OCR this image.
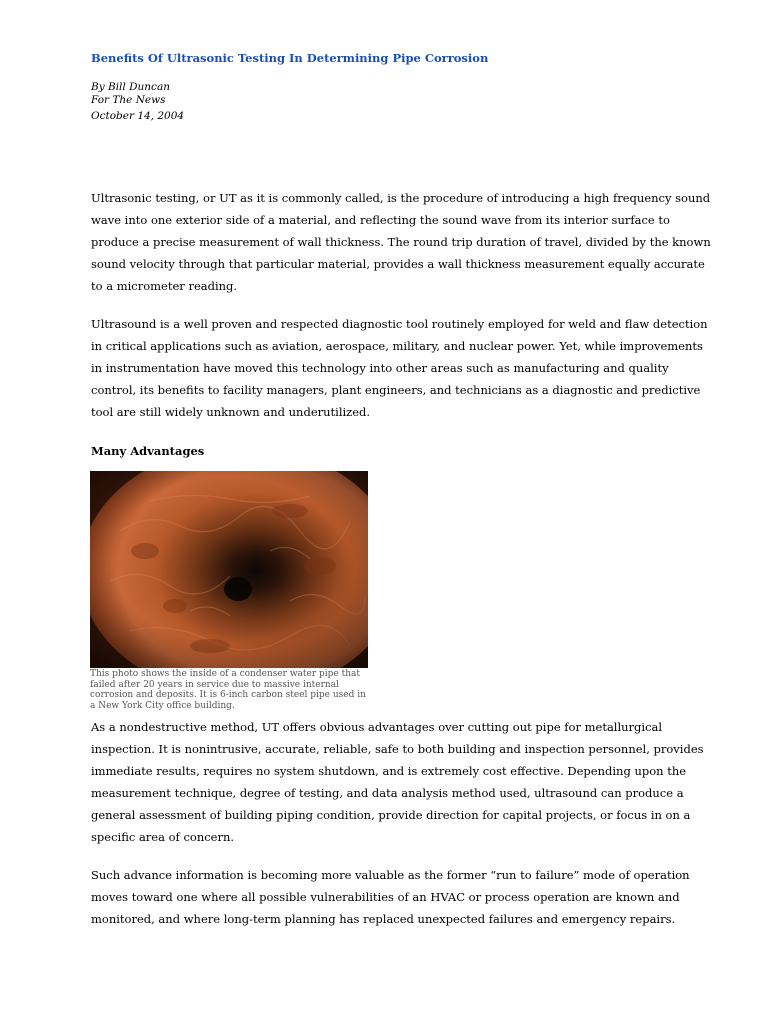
Benefits Of Ultrasonic Testing In Determining Pipe Corrosion
By Bill Duncan
For The News
October 14, 2004

Ultrasonic testing, or UT as it is commonly called, is the procedure of introducing a high frequency sound wave into one exterior side of a material, and reflecting the sound wave from its interior surface to produce a precise measurement of wall thickness. The round trip duration of travel, divided by the known sound velocity through that particular material, provides a wall thickness measurement equally accurate to a micrometer reading.

Ultrasound is a well proven and respected diagnostic tool routinely employed for weld and flaw detection in critical applications such as aviation, aerospace, military, and nuclear power. Yet, while improvements in instrumentation have moved this technology into other areas such as manufacturing and quality control, its benefits to facility managers, plant engineers, and technicians as a diagnostic and predictive tool are still widely unknown and underutilized.

Many Advantages

This photo shows the inside of a condenser water pipe that failed after 20 years in service due to massive internal corrosion and deposits. It is 6-inch carbon steel pipe used in a New York City office building.

As a nondestructive method, UT offers obvious advantages over cutting out pipe for metallurgical inspection. It is nonintrusive, accurate, reliable, safe to both building and inspection personnel, provides immediate results, requires no system shutdown, and is extremely cost effective. Depending upon the measurement technique, degree of testing, and data analysis method used, ultrasound can produce a general assessment of building piping condition, provide direction for capital projects, or focus in on a specific area of concern.

Such advance information is becoming more valuable as the former “run to failure” mode of operation moves toward one where all possible vulnerabilities of an HVAC or process operation are known and monitored, and where long-term planning has replaced unexpected failures and emergency repairs.
